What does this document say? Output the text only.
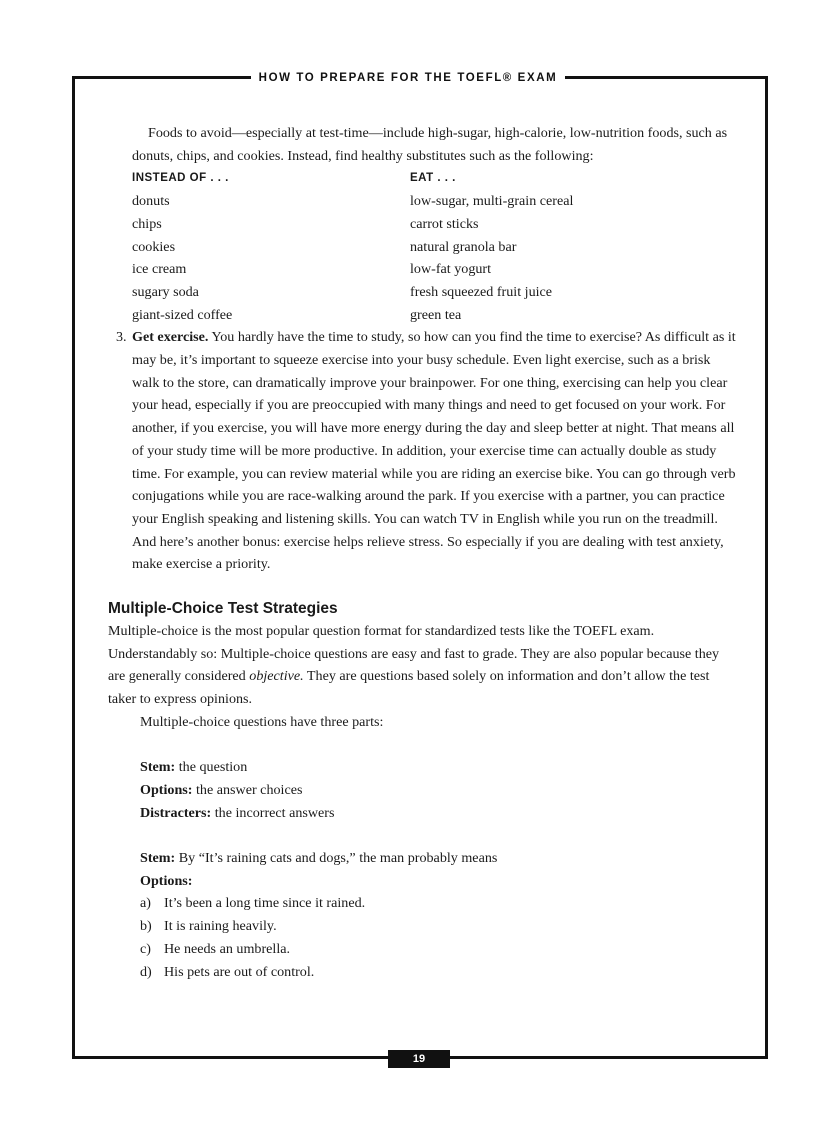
HOW TO PREPARE FOR THE TOEFL® EXAM

Foods to avoid—especially at test-time—include high-sugar, high-calorie, low-nutrition foods, such as donuts, chips, and cookies. Instead, find healthy substitutes such as the following:

INSTEAD OF . . .	EAT . . .
donuts	low-sugar, multi-grain cereal
chips	carrot sticks
cookies	natural granola bar
ice cream	low-fat yogurt
sugary soda	fresh squeezed fruit juice
giant-sized coffee	green tea
3. Get exercise. You hardly have the time to study, so how can you find the time to exercise? As difficult as it may be, it’s important to squeeze exercise into your busy schedule. Even light exercise, such as a brisk walk to the store, can dramatically improve your brainpower. For one thing, exercising can help you clear your head, especially if you are preoccupied with many things and need to get focused on your work. For another, if you exercise, you will have more energy during the day and sleep better at night. That means all of your study time will be more productive. In addition, your exercise time can actually double as study time. For example, you can review material while you are riding an exercise bike. You can go through verb conjugations while you are race-walking around the park. If you exercise with a partner, you can practice your English speaking and listening skills. You can watch TV in English while you run on the treadmill. And here’s another bonus: exercise helps relieve stress. So especially if you are dealing with test anxiety, make exercise a priority.

Multiple-Choice Test Strategies

Multiple-choice is the most popular question format for standardized tests like the TOEFL exam. Understandably so: Multiple-choice questions are easy and fast to grade. They are also popular because they are generally considered objective. They are questions based solely on information and don’t allow the test taker to express opinions.

Multiple-choice questions have three parts:

Stem: the question

Options: the answer choices

Distracters: the incorrect answers

Stem: By “It’s raining cats and dogs,” the man probably means

Options:

a) It’s been a long time since it rained.
b) It is raining heavily.
c) He needs an umbrella.
d) His pets are out of control.
19
